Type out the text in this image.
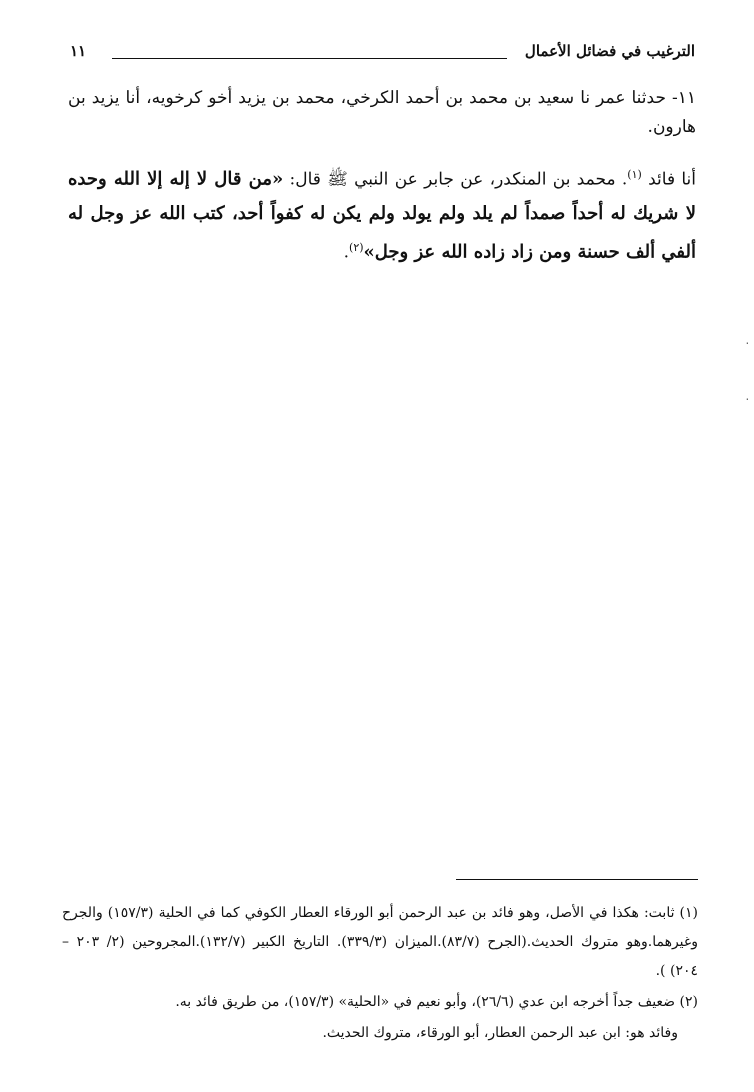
الترغيب في فضائل الأعمال
١١

١١- حدثنا عمر نا سعيد بن محمد بن أحمد الكرخي، محمد بن يزيد أخو كرخويه، أنا يزيد بن هارون.

أنا فائد $^{(١)}$. محمد بن المنكدر، عن جابر عن النبي ﷺ قال: «من قال لا إله إلا الله وحده لا شريك له أحداً صمداً لم يلد ولم يولد ولم يكن له كفواً أحد، كتب الله عز وجل له ألفي ألف حسنة ومن زاد زاده الله عز وجل»$^{(٢)}$.

٠
٠

(١) ثابت: هكذا في الأصل، وهو فائد بن عبد الرحمن أبو الورقاء العطار الكوفي كما في الحلية (١٥٧/٣) والجرح وغيرهما.وهو متروك الحديث.(الجرح (٨٣/٧).الميزان (٣٣٩/٣). التاريخ الكبير (١٣٢/٧).المجروحين (٢/ ٢٠٣ – ٢٠٤) ).

(٢) ضعيف جداً أخرجه ابن عدي (٢٦/٦)، وأبو نعيم في «الحلية» (١٥٧/٣)، من طريق فائد به.

وفائد هو: ابن عبد الرحمن العطار، أبو الورقاء، متروك الحديث.
